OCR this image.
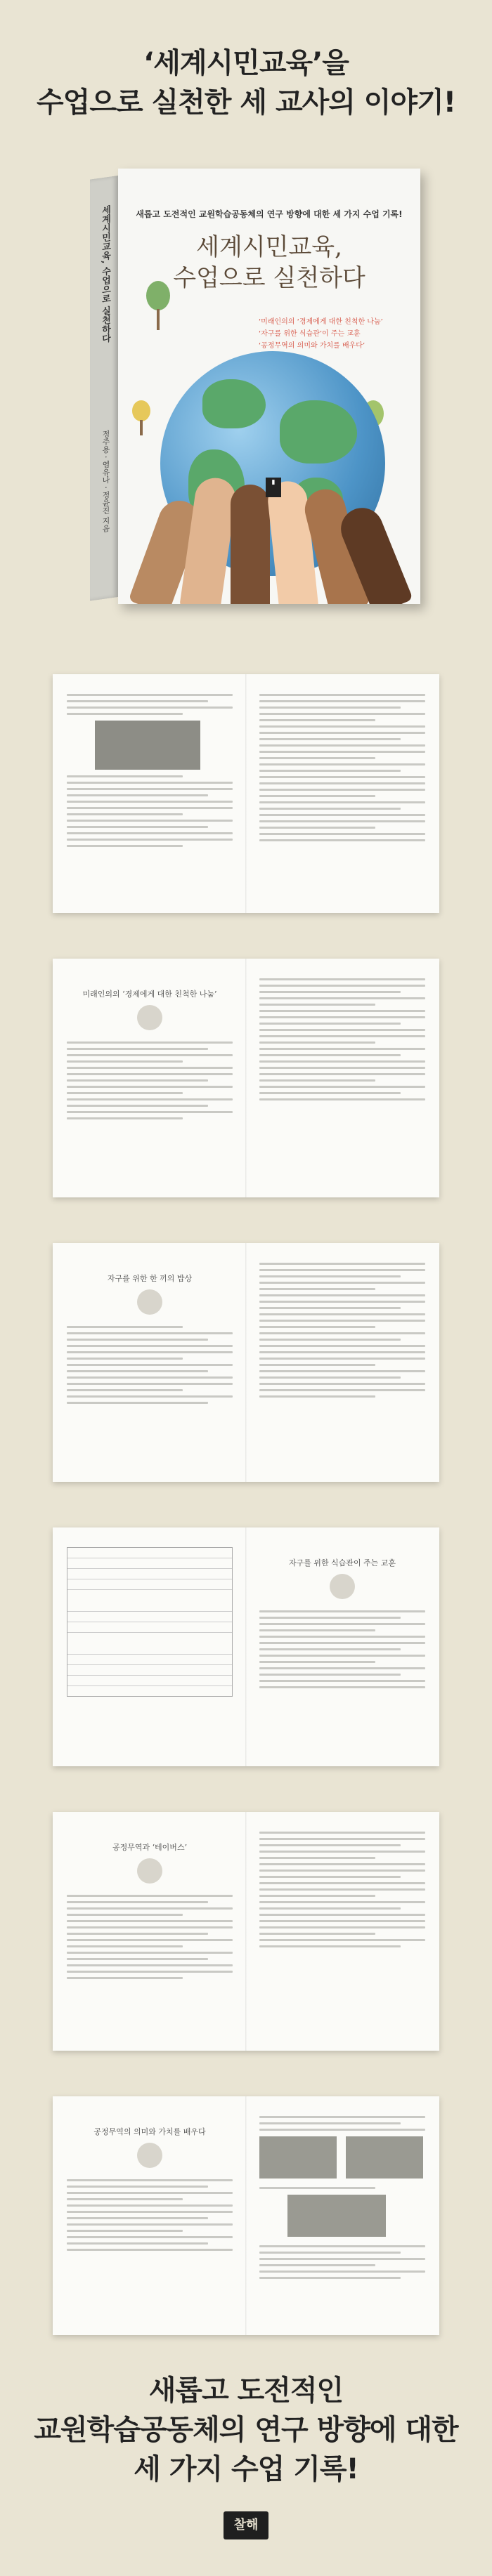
‘세계시민교육’을
수업으로 실천한 세 교사의 이야기!
세계시민교육, 수업으로 실천하다
정주용 · 염유나 · 정윤진 지음
새롭고 도전적인 교원학습공동체의 연구 방향에 대한 세 가지 수업 기록!
세계시민교육,
수업으로 실천하다
‘미래인의의 ‘경제에게 대한 친척한 나눔’
‘자구를 위한 식습관’이 주는 교훈
‘공정무역의 의미와 가치를 배우다’
▮
미래인의의 ‘경제에게 대한 친척한 나눔’
자구를 위한 한 끼의 밥상
자구를 위한 식습관이 주는 교훈
공정무역과 ‘테이버스’
공정무역의 의미와 가치를 배우다

새롭고 도전적인
교원학습공동체의 연구 방향에 대한
세 가지 수업 기록!
찰해
